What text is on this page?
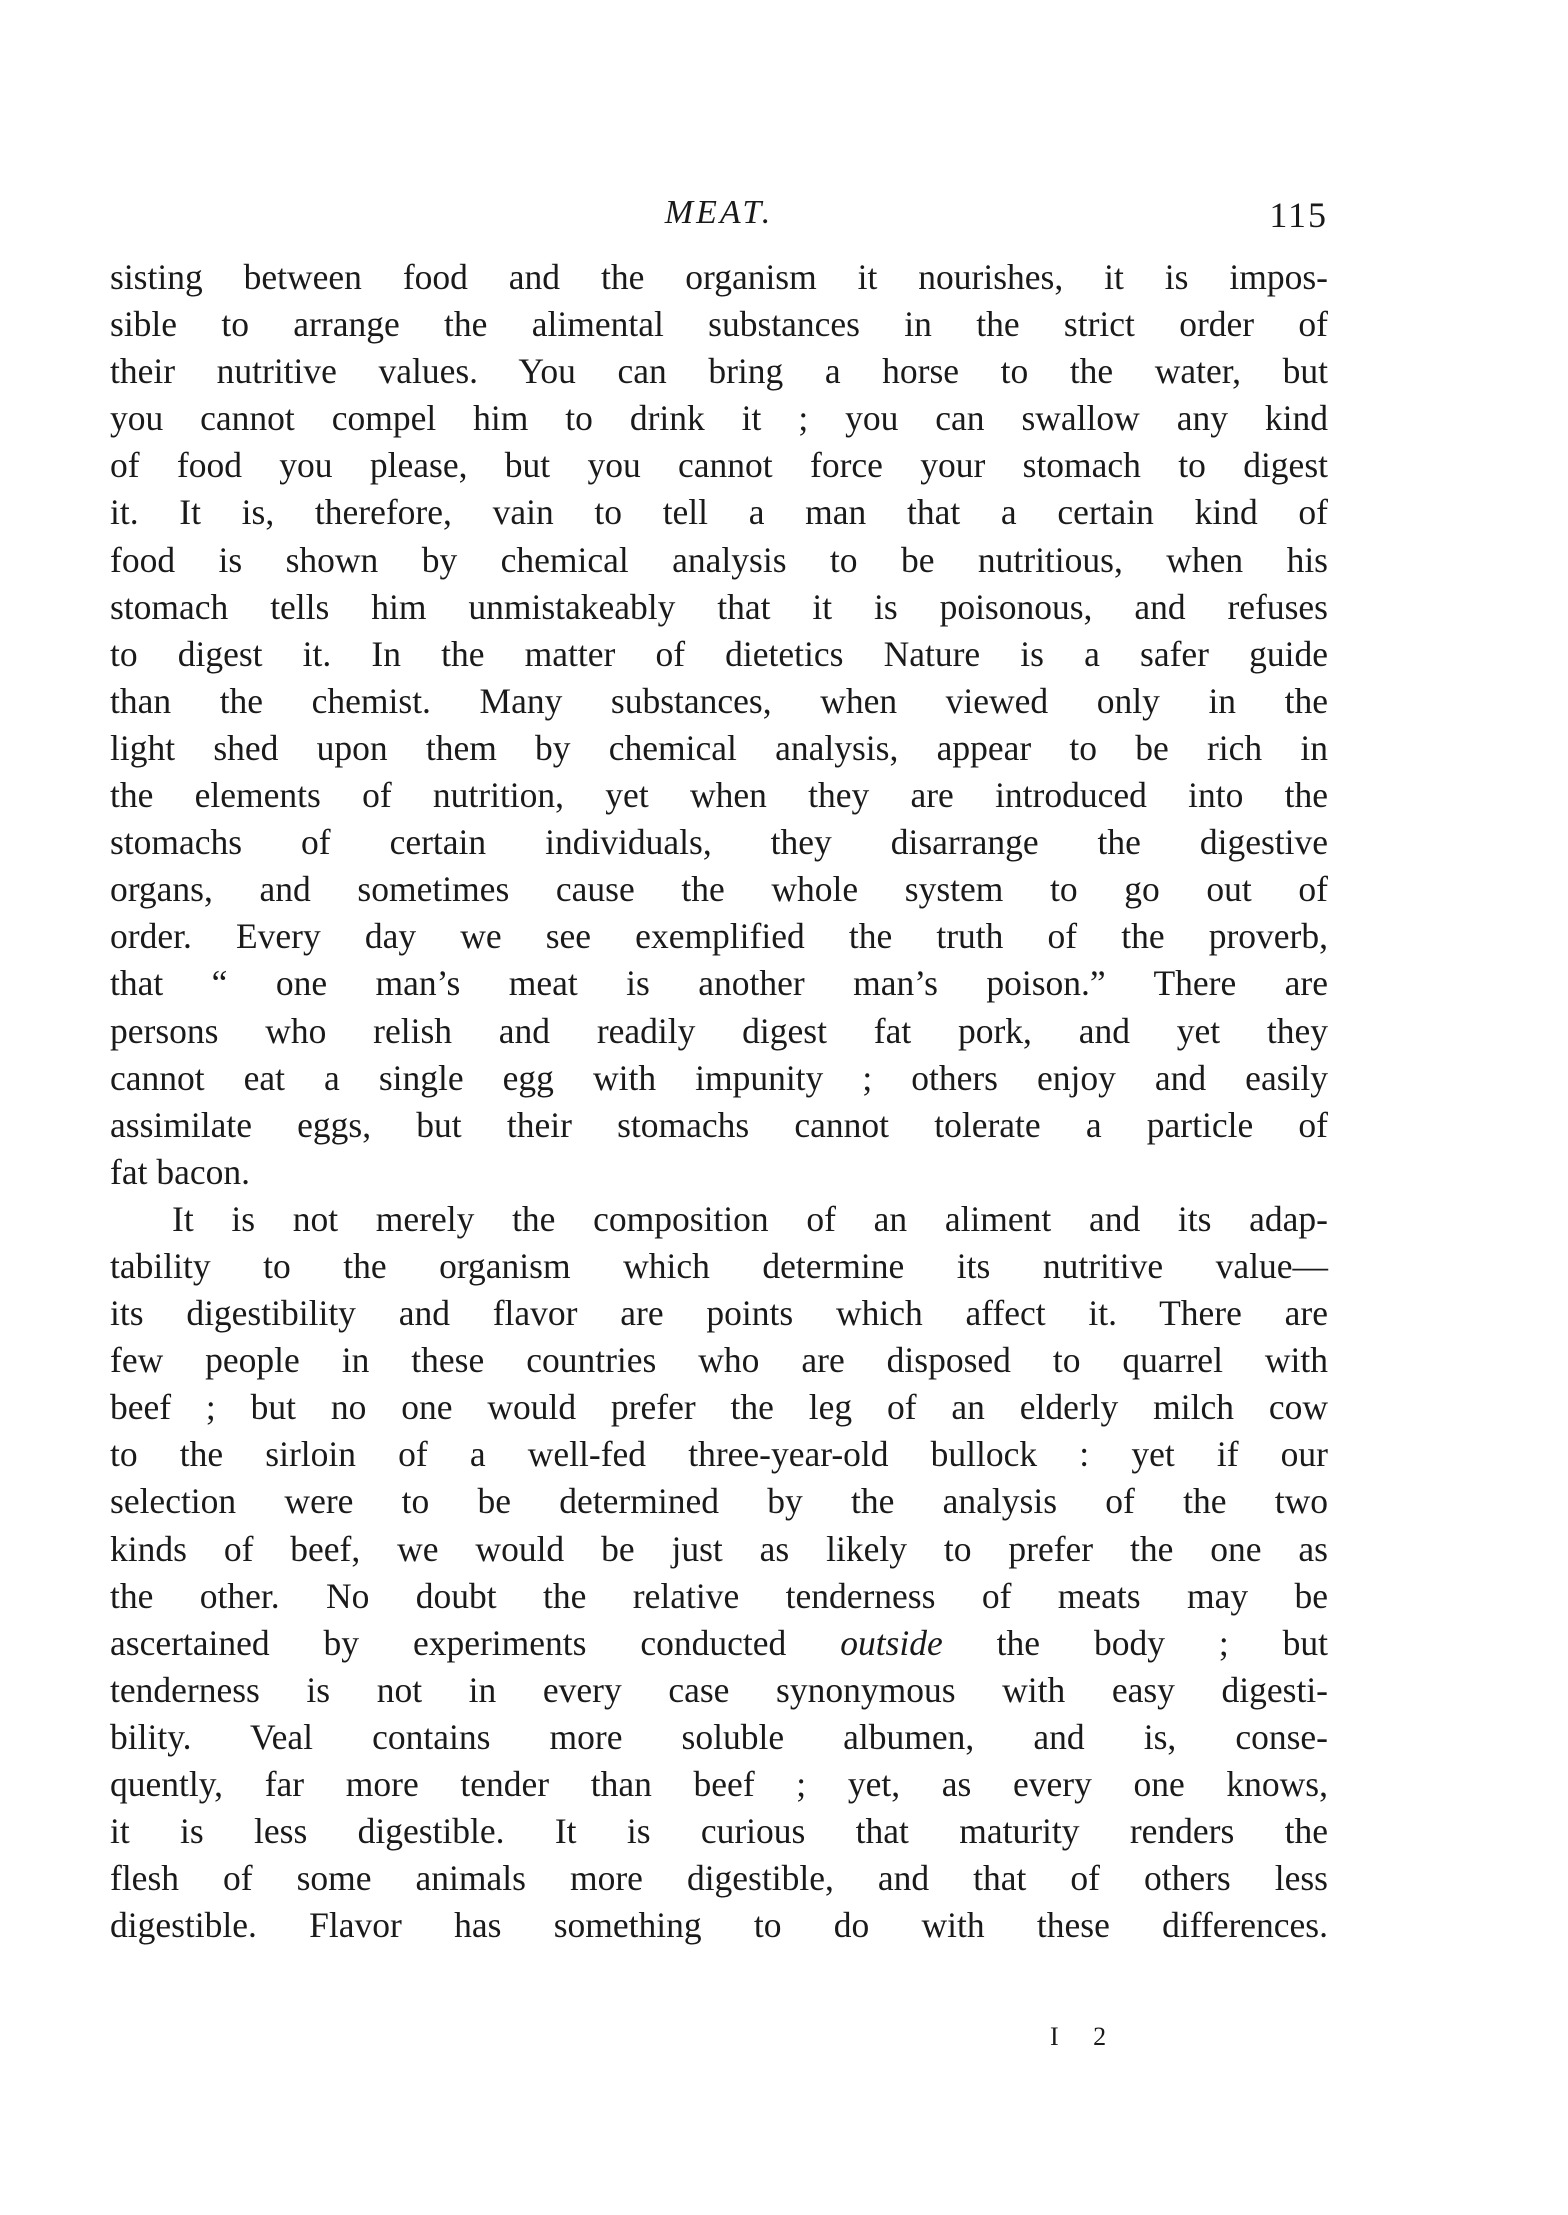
MEAT.	115
sisting between food and the organism it nourishes, it is impos-
sible to arrange the alimental substances in the strict order of
their nutritive values. You can bring a horse to the water, but
you cannot compel him to drink it ; you can swallow any kind
of food you please, but you cannot force your stomach to digest
it. It is, therefore, vain to tell a man that a certain kind of
food is shown by chemical analysis to be nutritious, when his
stomach tells him unmistakeably that it is poisonous, and refuses
to digest it. In the matter of dietetics Nature is a safer guide
than the chemist. Many substances, when viewed only in the
light shed upon them by chemical analysis, appear to be rich in
the elements of nutrition, yet when they are introduced into the
stomachs of certain individuals, they disarrange the digestive
organs, and sometimes cause the whole system to go out of
order. Every day we see exemplified the truth of the proverb,
that “ one man’s meat is another man’s poison.” There are
persons who relish and readily digest fat pork, and yet they
cannot eat a single egg with impunity ; others enjoy and easily
assimilate eggs, but their stomachs cannot tolerate a particle of
fat bacon.
It is not merely the composition of an aliment and its adap-
tability to the organism which determine its nutritive value—
its digestibility and flavor are points which affect it. There are
few people in these countries who are disposed to quarrel with
beef ; but no one would prefer the leg of an elderly milch cow
to the sirloin of a well-fed three-year-old bullock : yet if our
selection were to be determined by the analysis of the two
kinds of beef, we would be just as likely to prefer the one as
the other. No doubt the relative tenderness of meats may be
ascertained by experiments conducted outside the body ; but
tenderness is not in every case synonymous with easy digesti-
bility. Veal contains more soluble albumen, and is, conse-
quently, far more tender than beef ; yet, as every one knows,
it is less digestible. It is curious that maturity renders the
flesh of some animals more digestible, and that of others less
digestible. Flavor has something to do with these differences.
I 2
